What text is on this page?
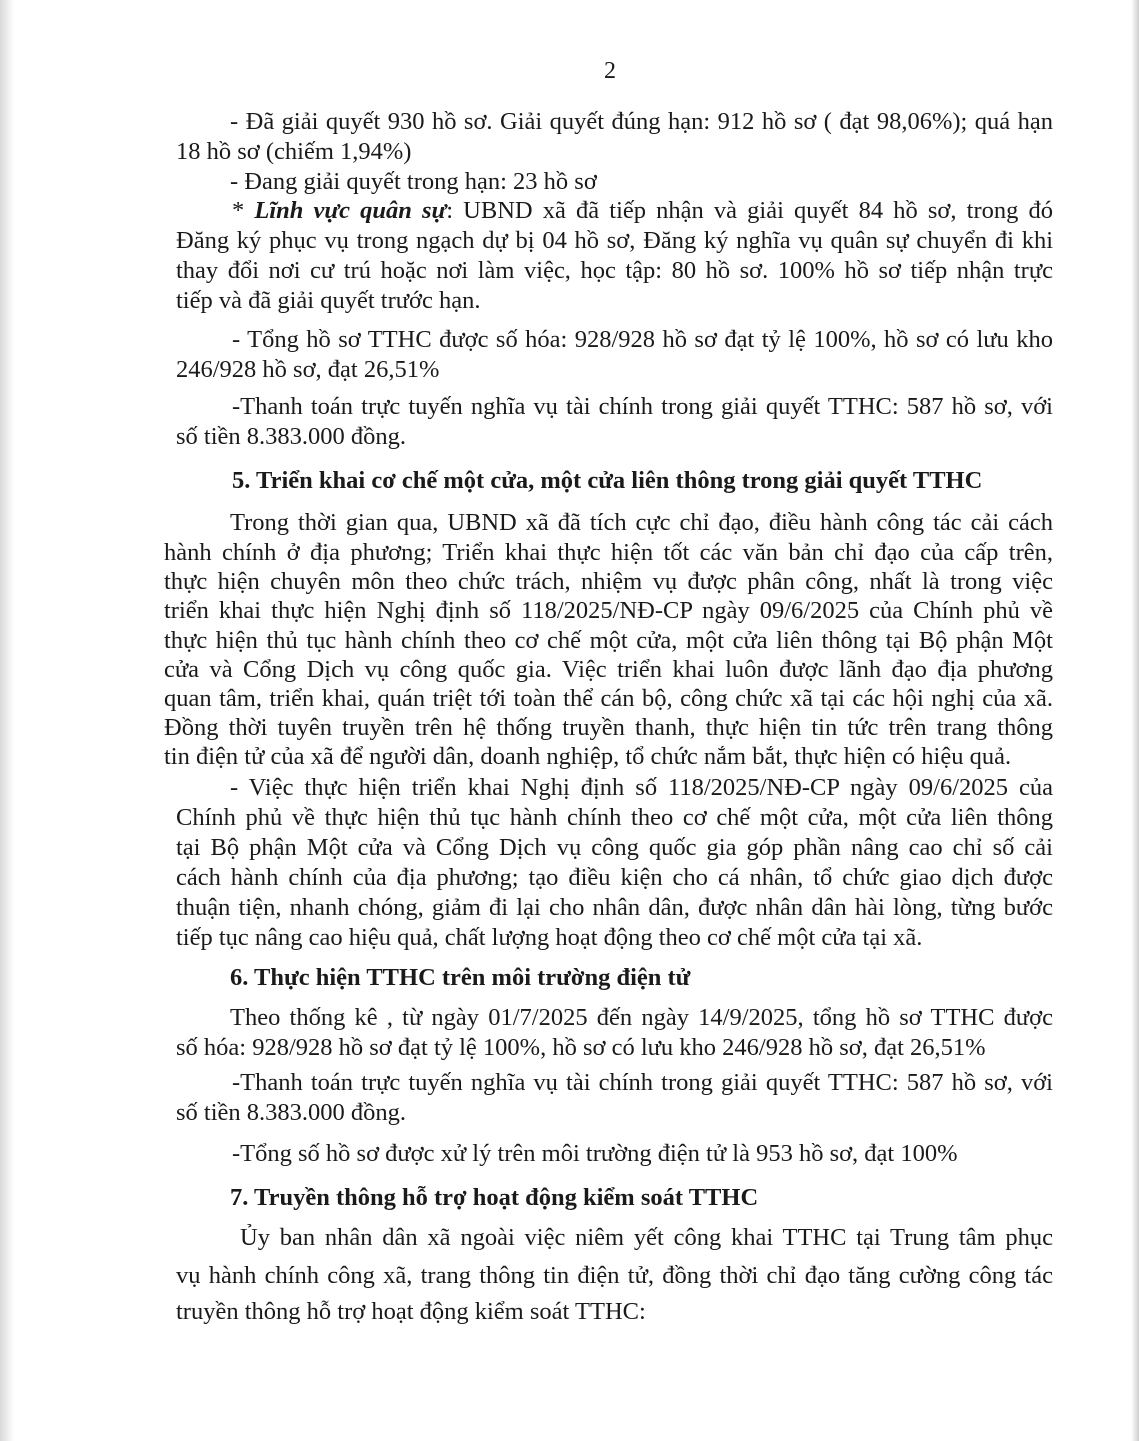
2
- Đã giải quyết 930 hồ sơ. Giải quyết đúng hạn: 912 hồ sơ ( đạt 98,06%); quá hạn
18 hồ sơ (chiếm 1,94%)
- Đang giải quyết trong hạn: 23 hồ sơ
* Lĩnh vực quân sự: UBND xã đã tiếp nhận và giải quyết 84 hồ sơ, trong đó
Đăng ký phục vụ trong ngạch dự bị 04 hồ sơ, Đăng ký nghĩa vụ quân sự chuyển đi khi
thay đổi nơi cư trú hoặc nơi làm việc, học tập: 80 hồ sơ. 100% hồ sơ tiếp nhận trực
tiếp và đã giải quyết trước hạn.
- Tổng hồ sơ TTHC được số hóa: 928/928 hồ sơ đạt tỷ lệ 100%, hồ sơ có lưu kho
246/928 hồ sơ, đạt 26,51%
-Thanh toán trực tuyến nghĩa vụ tài chính trong giải quyết TTHC: 587 hồ sơ, với
số tiền 8.383.000 đồng.
5. Triển khai cơ chế một cửa, một cửa liên thông trong giải quyết TTHC
Trong thời gian qua, UBND xã đã tích cực chỉ đạo, điều hành công tác cải cách
hành chính ở địa phương; Triển khai thực hiện tốt các văn bản chỉ đạo của cấp trên,
thực hiện chuyên môn theo chức trách, nhiệm vụ được phân công, nhất là trong việc
triển khai thực hiện Nghị định số 118/2025/NĐ-CP ngày 09/6/2025 của Chính phủ về
thực hiện thủ tục hành chính theo cơ chế một cửa, một cửa liên thông tại Bộ phận Một
cửa và Cổng Dịch vụ công quốc gia. Việc triển khai luôn được lãnh đạo địa phương
quan tâm, triển khai, quán triệt tới toàn thể cán bộ, công chức xã tại các hội nghị của xã.
Đồng thời tuyên truyền trên hệ thống truyền thanh, thực hiện tin tức trên trang thông
tin điện tử của xã để người dân, doanh nghiệp, tổ chức nắm bắt, thực hiện có hiệu quả.
- Việc thực hiện triển khai Nghị định số 118/2025/NĐ-CP ngày 09/6/2025 của
Chính phủ về thực hiện thủ tục hành chính theo cơ chế một cửa, một cửa liên thông
tại Bộ phận Một cửa và Cổng Dịch vụ công quốc gia góp phần nâng cao chỉ số cải
cách hành chính của địa phương; tạo điều kiện cho cá nhân, tổ chức giao dịch được
thuận tiện, nhanh chóng, giảm đi lại cho nhân dân, được nhân dân hài lòng, từng bước
tiếp tục nâng cao hiệu quả, chất lượng hoạt động theo cơ chế một cửa tại xã.
6. Thực hiện TTHC trên môi trường điện tử
Theo thống kê , từ ngày 01/7/2025 đến ngày 14/9/2025, tổng hồ sơ TTHC được
số hóa: 928/928 hồ sơ đạt tỷ lệ 100%, hồ sơ có lưu kho 246/928 hồ sơ, đạt 26,51%
-Thanh toán trực tuyến nghĩa vụ tài chính trong giải quyết TTHC: 587 hồ sơ, với
số tiền 8.383.000 đồng.
-Tổng số hồ sơ được xử lý trên môi trường điện tử là 953 hồ sơ, đạt 100%
7. Truyền thông hỗ trợ hoạt động kiểm soát TTHC
Ủy ban nhân dân xã ngoài việc niêm yết công khai TTHC tại Trung tâm phục
vụ hành chính công xã, trang thông tin điện tử, đồng thời chỉ đạo tăng cường công tác
truyền thông hỗ trợ hoạt động kiểm soát TTHC:
